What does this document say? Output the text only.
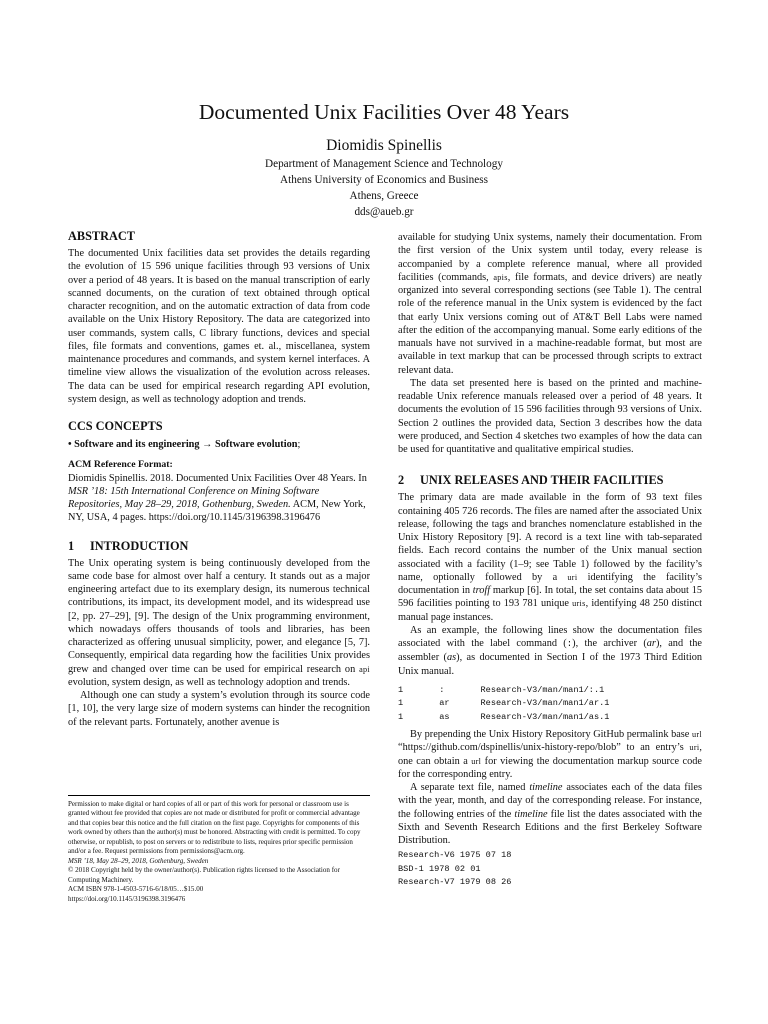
Documented Unix Facilities Over 48 Years
Diomidis Spinellis
Department of Management Science and Technology
Athens University of Economics and Business
Athens, Greece
dds@aueb.gr
ABSTRACT

The documented Unix facilities data set provides the details regarding the evolution of 15 596 unique facilities through 93 versions of Unix over a period of 48 years. It is based on the manual transcription of early scanned documents, on the curation of text obtained through optical character recognition, and on the automatic extraction of data from code available on the Unix History Repository. The data are categorized into user commands, system calls, C library functions, devices and special files, file formats and conventions, games et. al., miscellanea, system maintenance procedures and commands, and system kernel interfaces. A timeline view allows the visualization of the evolution across releases. The data can be used for empirical research regarding API evolution, system design, as well as technology adoption and trends.

CCS CONCEPTS

• Software and its engineering → Software evolution;

ACM Reference Format:

Diomidis Spinellis. 2018. Documented Unix Facilities Over 48 Years. In MSR ’18: 15th International Conference on Mining Software Repositories, May 28–29, 2018, Gothenburg, Sweden. ACM, New York, NY, USA, 4 pages. https://doi.org/10.1145/3196398.3196476

1 INTRODUCTION

The Unix operating system is being continuously developed from the same code base for almost over half a century. It stands out as a major engineering artefact due to its exemplary design, its numerous technical contributions, its impact, its development model, and its widespread use [2, pp. 27–29], [9]. The design of the Unix programming environment, which nowadays offers thousands of tools and libraries, has been characterized as offering unusual simplicity, power, and elegance [5, 7]. Consequently, empirical data regarding how the facilities Unix provides grew and changed over time can be used for empirical research on api evolution, system design, as well as technology adoption and trends.

Although one can study a system’s evolution through its source code [1, 10], the very large size of modern systems can hinder the recognition of the relevant parts. Fortunately, another avenue is

Permission to make digital or hard copies of all or part of this work for personal or classroom use is granted without fee provided that copies are not made or distributed for profit or commercial advantage and that copies bear this notice and the full citation on the first page. Copyrights for components of this work owned by others than the author(s) must be honored. Abstracting with credit is permitted. To copy otherwise, or republish, to post on servers or to redistribute to lists, requires prior specific permission and/or a fee. Request permissions from permissions@acm.org.

MSR ’18, May 28–29, 2018, Gothenburg, Sweden

© 2018 Copyright held by the owner/author(s). Publication rights licensed to the Association for Computing Machinery.

ACM ISBN 978-1-4503-5716-6/18/05…$15.00

https://doi.org/10.1145/3196398.3196476

available for studying Unix systems, namely their documentation. From the first version of the Unix system until today, every release is accompanied by a complete reference manual, where all provided facilities (commands, apis, file formats, and device drivers) are neatly organized into several corresponding sections (see Table 1). The central role of the reference manual in the Unix system is evidenced by the fact that early Unix versions coming out of AT&T Bell Labs were named after the edition of the accompanying manual. Some early editions of the manuals have not survived in a machine-readable format, but most are available in text markup that can be processed through scripts to extract relevant data.

The data set presented here is based on the printed and machine-readable Unix reference manuals released over a period of 48 years. It documents the evolution of 15 596 facilities through 93 versions of Unix. Section 2 outlines the provided data, Section 3 describes how the data were produced, and Section 4 sketches two examples of how the data can be used for quantitative and qualitative empirical studies.

2 UNIX RELEASES AND THEIR FACILITIES

The primary data are made available in the form of 93 text files containing 405 726 records. The files are named after the associated Unix release, following the tags and branches nomenclature established in the Unix History Repository [9]. A record is a text line with tab-separated fields. Each record contains the number of the Unix manual section associated with a facility (1–9; see Table 1) followed by the facility’s name, optionally followed by a uri identifying the facility’s documentation in troff markup [6]. In total, the set contains data about 15 596 facilities pointing to 193 781 unique uris, identifying 48 250 distinct manual page instances.

As an example, the following lines show the documentation files associated with the label command (:), the archiver (ar), and the assembler (as), as documented in Section I of the 1973 Third Edition Unix manual.

1       :       Research-V3/man/man1/:.1
1       ar      Research-V3/man/man1/ar.1
1       as      Research-V3/man/man1/as.1

By prepending the Unix History Repository GitHub permalink base url “https://github.com/dspinellis/unix-history-repo/blob” to an entry’s uri, one can obtain a url for viewing the documentation markup source code for the corresponding entry.

A separate text file, named timeline associates each of the data files with the year, month, and day of the corresponding release. For instance, the following entries of the timeline file list the dates associated with the Sixth and Seventh Research Editions and the first Berkeley Software Distribution.

Research-V6 1975 07 18
BSD-1 1978 02 01
Research-V7 1979 08 26
